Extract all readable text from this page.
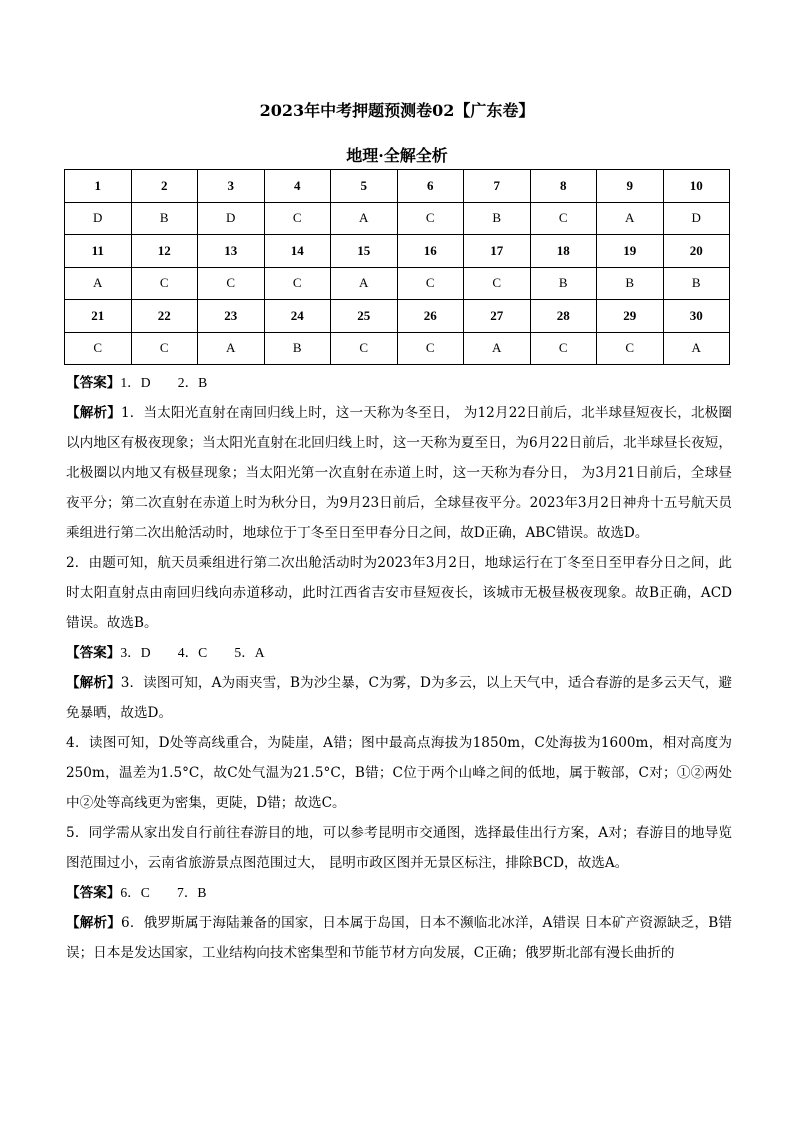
2023年中考押题预测卷02【广东卷】
地理·全解全析
1	2	3	4	5	6	7	8	9	10
D	B	D	C	A	C	B	C	A	D
11	12	13	14	15	16	17	18	19	20
A	C	C	C	A	C	C	B	B	B
21	22	23	24	25	26	27	28	29	30
C	C	A	B	C	C	A	C	C	A

【答案】1．D　　2．B

【解析】1．当太阳光直射在南回归线上时，这一天称为冬至日， 为12月22日前后，北半球昼短夜长，北极圈以内地区有极夜现象；当太阳光直射在北回归线上时，这一天称为夏至日，为6月22日前后，北半球昼长夜短，北极圈以内地又有极昼现象；当太阳光第一次直射在赤道上时，这一天称为春分日， 为3月21日前后，全球昼夜平分；第二次直射在赤道上时为秋分日，为9月23日前后，全球昼夜平分。2023年3月2日神舟十五号航天员乘组进行第二次出舱活动时，地球位于丁冬至日至甲春分日之间，故D正确，ABC错误。故选D。

2．由题可知，航天员乘组进行第二次出舱活动时为2023年3月2日，地球运行在丁冬至日至甲春分日之间，此时太阳直射点由南回归线向赤道移动，此时江西省吉安市昼短夜长，该城市无极昼极夜现象。故B正确，ACD错误。故选B。

【答案】3．D　　4．C　　5．A

【解析】3．读图可知，A为雨夹雪，B为沙尘暴，C为雾，D为多云，以上天气中，适合春游的是多云天气，避免暴晒，故选D。

4．读图可知，D处等高线重合，为陡崖，A错；图中最高点海拔为1850m，C处海拔为1600m，相对高度为250m，温差为1.5°C，故C处气温为21.5°C，B错；C位于两个山峰之间的低地，属于鞍部，C对；①②两处中②处等高线更为密集，更陡，D错；故选C。

5．同学需从家出发自行前往春游目的地，可以参考昆明市交通图，选择最佳出行方案，A对；春游目的地导览图范围过小，云南省旅游景点图范围过大， 昆明市政区图并无景区标注，排除BCD，故选A。

【答案】6．C　　7．B

【解析】6．俄罗斯属于海陆兼备的国家，日本属于岛国，日本不濒临北冰洋，A错误 日本矿产资源缺乏，B错误；日本是发达国家，工业结构向技术密集型和节能节材方向发展，C正确；俄罗斯北部有漫长曲折的
